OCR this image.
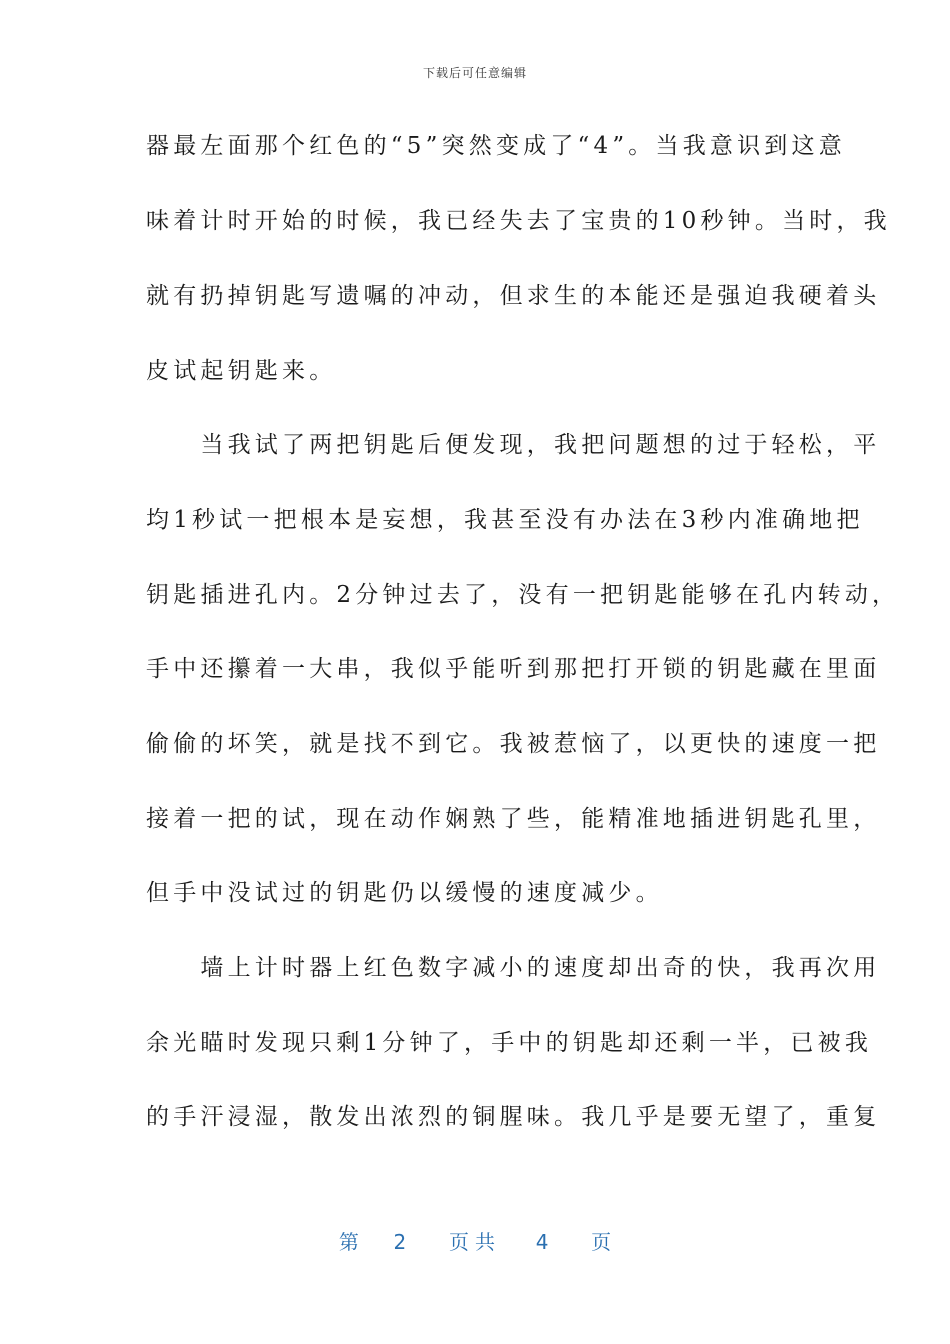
下载后可任意编辑
器最左面那个红色的“5”突然变成了“4”。当我意识到这意
味着计时开始的时候，我已经失去了宝贵的10秒钟。当时，我
就有扔掉钥匙写遗嘱的冲动，但求生的本能还是强迫我硬着头
皮试起钥匙来。
　　当我试了两把钥匙后便发现，我把问题想的过于轻松，平
均1秒试一把根本是妄想，我甚至没有办法在3秒内准确地把
钥匙插进孔内。2分钟过去了，没有一把钥匙能够在孔内转动，
手中还攥着一大串，我似乎能听到那把打开锁的钥匙藏在里面
偷偷的坏笑，就是找不到它。我被惹恼了，以更快的速度一把
接着一把的试，现在动作娴熟了些，能精准地插进钥匙孔里，
但手中没试过的钥匙仍以缓慢的速度减少。
　　墙上计时器上红色数字减小的速度却出奇的快，我再次用
余光瞄时发现只剩1分钟了，手中的钥匙却还剩一半，已被我
的手汗浸湿，散发出浓烈的铜腥味。我几乎是要无望了，重复
第 2 页共 4 页
